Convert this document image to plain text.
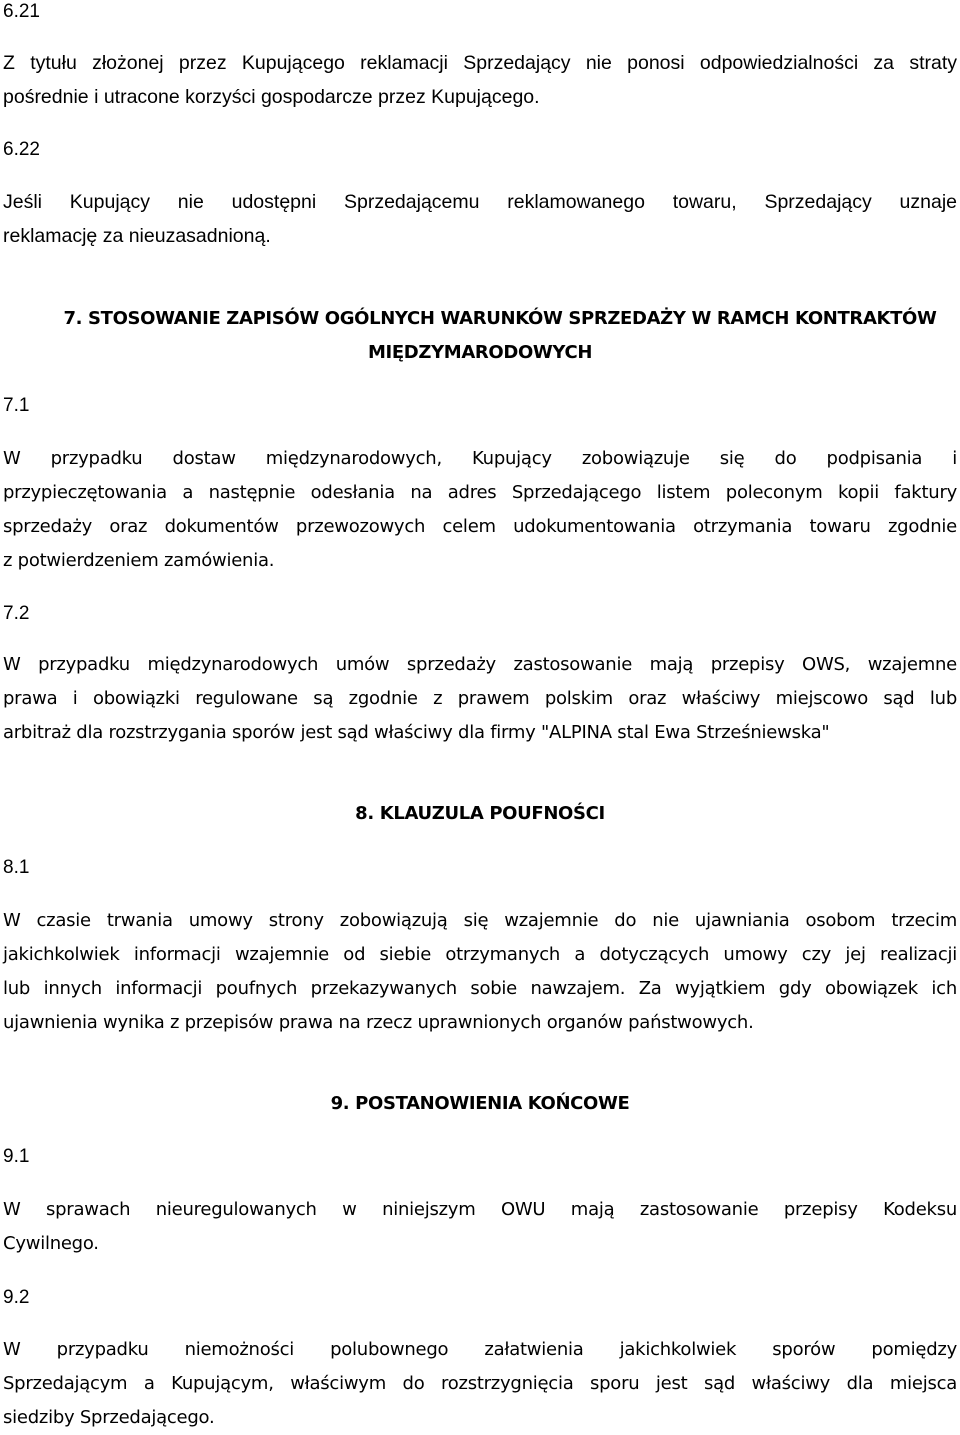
6.21

Z tytułu złożonej przez Kupującego reklamacji Sprzedający nie ponosi odpowiedzialności za straty
pośrednie i utracone korzyści gospodarcze przez Kupującego.

6.22

Jeśli Kupujący nie udostępni Sprzedającemu reklamowanego towaru, Sprzedający uznaje
reklamację za nieuzasadnioną.

7. STOSOWANIE ZAPISÓW OGÓLNYCH WARUNKÓW SPRZEDAŻY W RAMCH KONTRAKTÓW

MIĘDZYMARODOWYCH

7.1

W przypadku dostaw międzynarodowych, Kupujący zobowiązuje się do podpisania i
przypieczętowania a następnie odesłania na adres Sprzedającego listem poleconym kopii faktury
sprzedaży oraz dokumentów przewozowych celem udokumentowania otrzymania towaru zgodnie
z potwierdzeniem zamówienia.

7.2

W przypadku międzynarodowych umów sprzedaży zastosowanie mają przepisy OWS, wzajemne
prawa i obowiązki regulowane są zgodnie z prawem polskim oraz właściwy miejscowo sąd lub
arbitraż dla rozstrzygania sporów jest sąd właściwy dla firmy "ALPINA stal Ewa Strześniewska"

8. KLAUZULA POUFNOŚCI

8.1

W czasie trwania umowy strony zobowiązują się wzajemnie do nie ujawniania osobom trzecim
jakichkolwiek informacji wzajemnie od siebie otrzymanych a dotyczących umowy czy jej realizacji
lub innych informacji poufnych przekazywanych sobie nawzajem. Za wyjątkiem gdy obowiązek ich
ujawnienia wynika z przepisów prawa na rzecz uprawnionych organów państwowych.

9. POSTANOWIENIA KOŃCOWE

9.1

W sprawach nieuregulowanych w niniejszym OWU mają zastosowanie przepisy Kodeksu
Cywilnego.

9.2

W przypadku niemożności polubownego załatwienia jakichkolwiek sporów pomiędzy
Sprzedającym a Kupującym, właściwym do rozstrzygnięcia sporu jest sąd właściwy dla miejsca
siedziby Sprzedającego.
